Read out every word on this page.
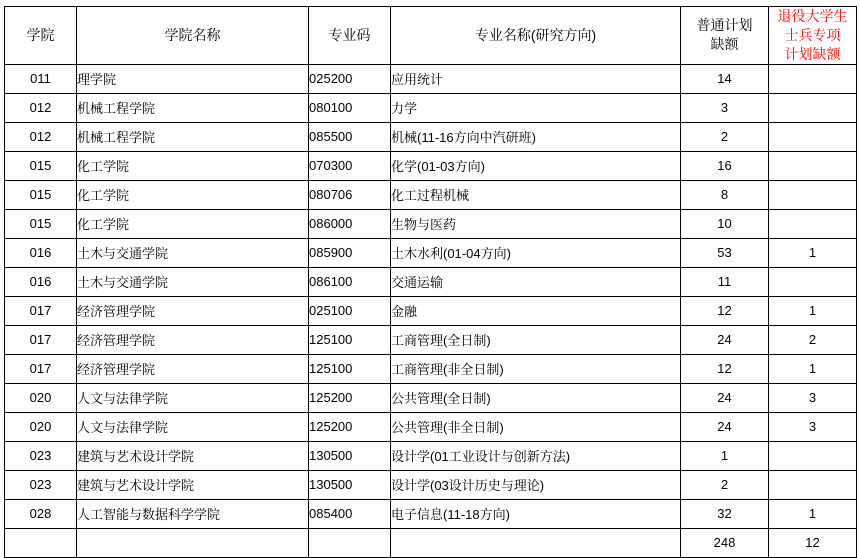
学院	学院名称	专业码	专业名称(研究方向)	
普通计划
缺额

退役大学生
士兵专项
计划缺额

011	理学院	025200	应用统计	14	
012	机械工程学院	080100	力学	3	
012	机械工程学院	085500	机械(11-16方向中汽研班)	2	
015	化工学院	070300	化学(01-03方向)	16	
015	化工学院	080706	化工过程机械	8	
015	化工学院	086000	生物与医药	10	
016	土木与交通学院	085900	土木水利(01-04方向)	53	1
016	土木与交通学院	086100	交通运输	11	
017	经济管理学院	025100	金融	12	1
017	经济管理学院	125100	工商管理(全日制)	24	2
017	经济管理学院	125100	工商管理(非全日制)	12	1
020	人文与法律学院	125200	公共管理(全日制)	24	3
020	人文与法律学院	125200	公共管理(非全日制)	24	3
023	建筑与艺术设计学院	130500	设计学(01工业设计与创新方法)	1	
023	建筑与艺术设计学院	130500	设计学(03设计历史与理论)	2	
028	人工智能与数据科学学院	085400	电子信息(11-18方向)	32	1
				248	12
